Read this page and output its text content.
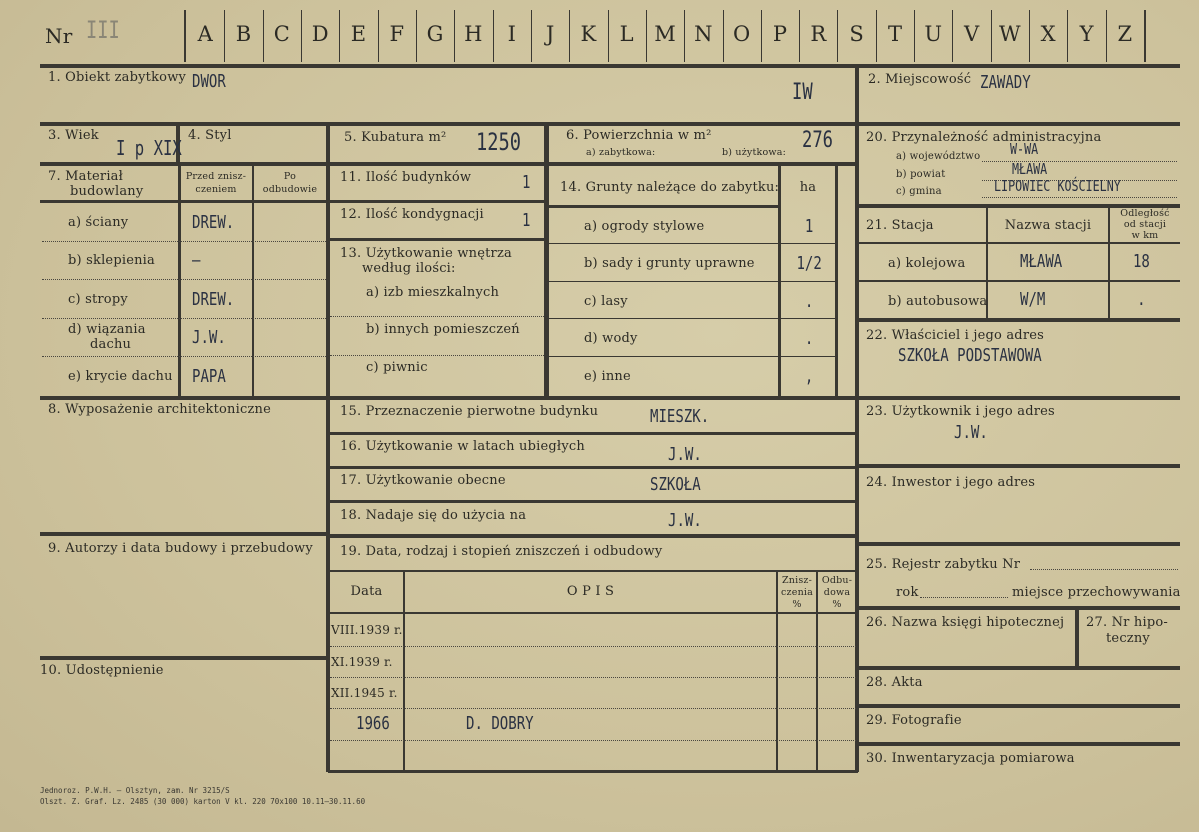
Nr III	A	B	C	D	E	F	G H	I	J	K	L M N O	P	R	S	T	U	V W X	Y	Z
1. Obiekt zabytkowy DWOR	IW
2. Miejscowość ZAWADY
3. Wiek
I p XIX
4. Styl	5. Kubatura m² 1250	6. Powierzchnia w m²
a) zabytkowa:	b) użytkowa: 276	20. Przynależność administracyjna
a) województwo W-WA
b) powiat	MŁAWA
c) gmina	LIPOWIEC KOŚCIELNY
7. Materiał
budowlany
Przed znisz-
czeniem
Po
odbudowie
a) ściany	DREW.
b) sklepienia —
c) stropy	DREW.
d) wiązania
dachu	J.W.
e) krycie dachu PAPA
8. Wyposażenie architektoniczne
9. Autorzy i data budowy i przebudowy
10. Udostępnienie
11. Ilość budynków	1
12. Ilość kondygnacji 1
13. Użytkowanie wnętrza
według ilości:
a) izb mieszkalnych
b) innych pomieszczeń
c) piwnic
14. Grunty należące do zabytku:	ha
a) ogrody stylowe	1
b) sady i grunty uprawne 1/2
c) lasy	.
d) wody	.
e) inne	,
15. Przeznaczenie pierwotne budynku	MIESZK.
16. Użytkowanie w latach ubiegłych	J.W.
17. Użytkowanie obecne	SZKOŁA
18. Nadaje się do użycia na	J.W.
19. Data, rodzaj i stopień zniszczeń i odbudowy
Data	O P I S
Znisz-
czenia
%
Odbu-
dowa
%
VIII.1939 r.
XI.1939 r.
XII.1945 r.
1966	D. DOBRY
21. Stacja	Nazwa stacji
Odległość
od stacji
w km
a) kolejowa	MŁAWA	18
b) autobusowa W/M	.
22. Właściciel i jego adres
SZKOŁA PODSTAWOWA
23. Użytkownik i jego adres
J.W.
24. Inwestor i jego adres
25. Rejestr zabytku Nr
rok	miejsce przechowywania
26. Nazwa księgi hipotecznej 27. Nr hipo-
teczny
28. Akta
29. Fotografie
30. Inwentaryzacja pomiarowa
Jednoroz. P.W.H. — Olsztyn, zam. Nr 3215/S
Olszt. Z. Graf. Lz. 2485 (30 000) karton V kl. 220 70x100 10.11—30.11.60
